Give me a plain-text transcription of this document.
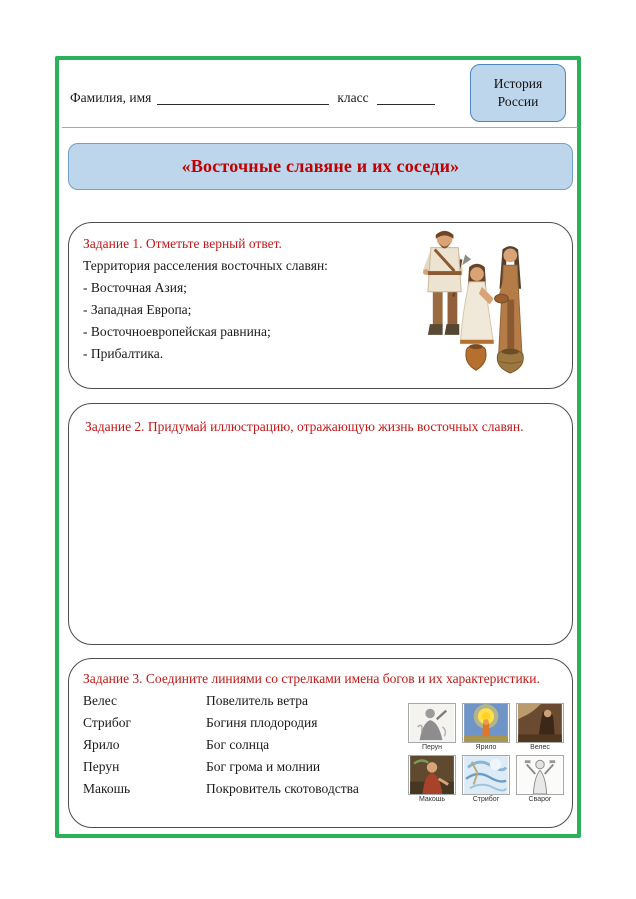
Фамилия, имя	класс
История
России
«Восточные славяне и их соседи»

Задание 1. Отметьте верный ответ.

Территория расселения восточных славян:

- Восточная Азия;

- Западная Европа;

- Восточноевропейская равнина;

- Прибалтика.

Задание 2. Придумай иллюстрацию, отражающую жизнь восточных славян.

Задание 3. Соедините линиями со стрелками имена богов и их характеристики.

Велес	Повелитель ветра
Стрибог	Богиня плодородия
Ярило	Бог солнца
Перун	Бог грома и молнии
Макошь	Покровитель скотоводства
Перун	Ярило	Велес
Макошь	Стрибог	Сварог
